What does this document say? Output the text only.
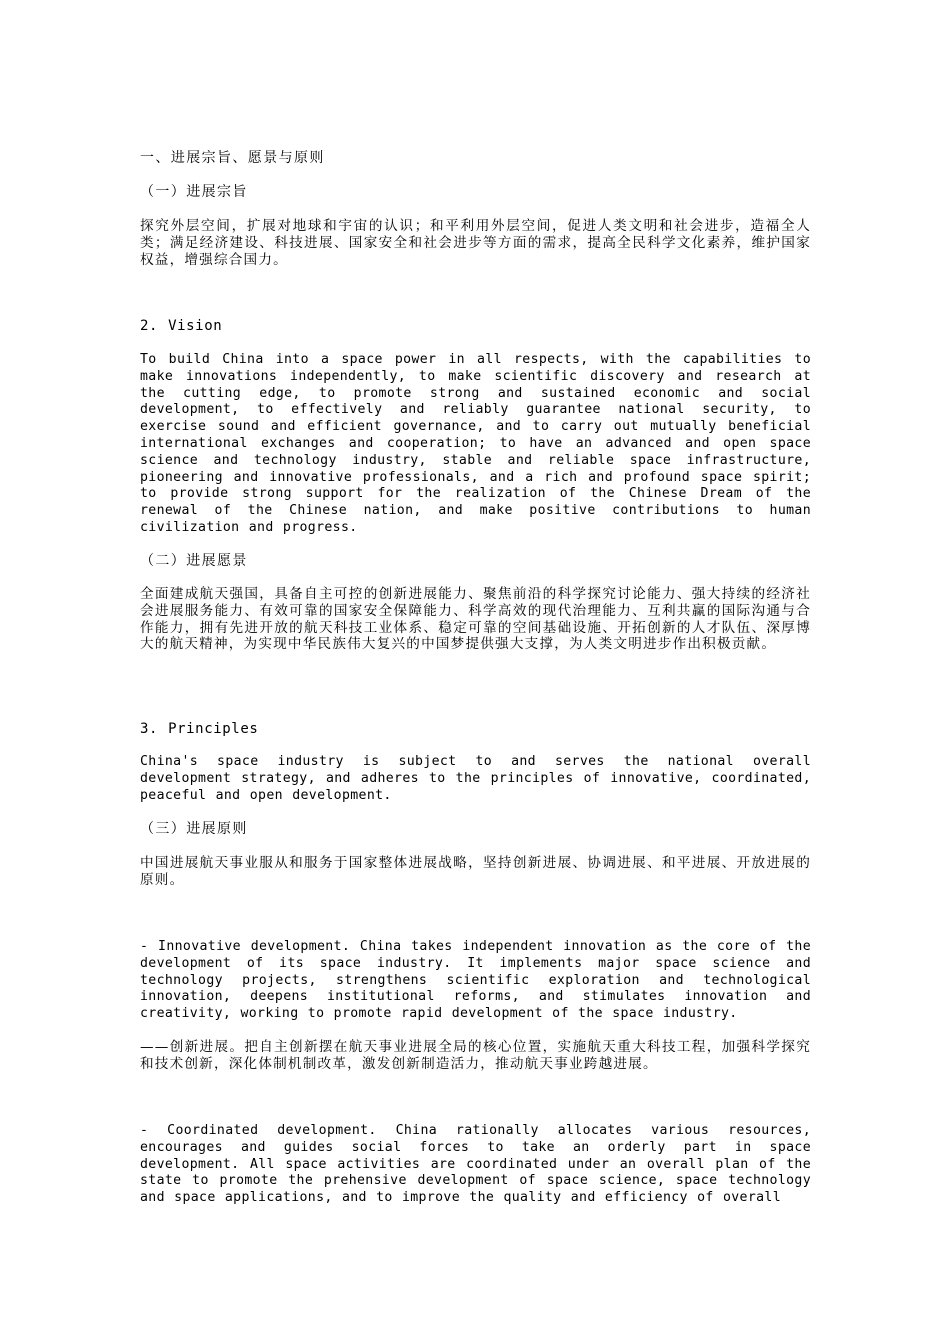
一、进展宗旨、愿景与原则

（一）进展宗旨

探究外层空间，扩展对地球和宇宙的认识；和平利用外层空间，促进人类文明和社会进步，造福全人类；满足经济建设、科技进展、国家安全和社会进步等方面的需求，提高全民科学文化素养，维护国家权益，增强综合国力。

2. Vision

To build China into a space power in all respects, with the capabilities to make innovations independently, to make scientific discovery and research at the cutting edge, to promote strong and sustained economic and social development, to effectively and reliably guarantee national security, to exercise sound and efficient governance, and to carry out mutually beneficial international exchanges and cooperation; to have an advanced and open space science and technology industry, stable and reliable space infrastructure, pioneering and innovative professionals, and a rich and profound space spirit; to provide strong support for the realization of the Chinese Dream of the renewal of the Chinese nation, and make positive contributions to human civilization and progress.

（二）进展愿景

全面建成航天强国，具备自主可控的创新进展能力、聚焦前沿的科学探究讨论能力、强大持续的经济社会进展服务能力、有效可靠的国家安全保障能力、科学高效的现代治理能力、互利共赢的国际沟通与合作能力，拥有先进开放的航天科技工业体系、稳定可靠的空间基础设施、开拓创新的人才队伍、深厚博大的航天精神，为实现中华民族伟大复兴的中国梦提供强大支撑，为人类文明进步作出积极贡献。

3. Principles

China's space industry is subject to and serves the national overall development strategy, and adheres to the principles of innovative, coordinated, peaceful and open development.

（三）进展原则

中国进展航天事业服从和服务于国家整体进展战略，坚持创新进展、协调进展、和平进展、开放进展的原则。

- Innovative development. China takes independent innovation as the core of the development of its space industry. It implements major space science and technology projects, strengthens scientific exploration and technological innovation, deepens institutional reforms, and stimulates innovation and creativity, working to promote rapid development of the space industry.

——创新进展。把自主创新摆在航天事业进展全局的核心位置，实施航天重大科技工程，加强科学探究和技术创新，深化体制机制改革，激发创新制造活力，推动航天事业跨越进展。

- Coordinated development. China rationally allocates various resources, encourages and guides social forces to take an orderly part in space development. All space activities are coordinated under an overall plan of the state to promote the prehensive development of space science, space technology and space applications, and to improve the quality and efficiency of overall
